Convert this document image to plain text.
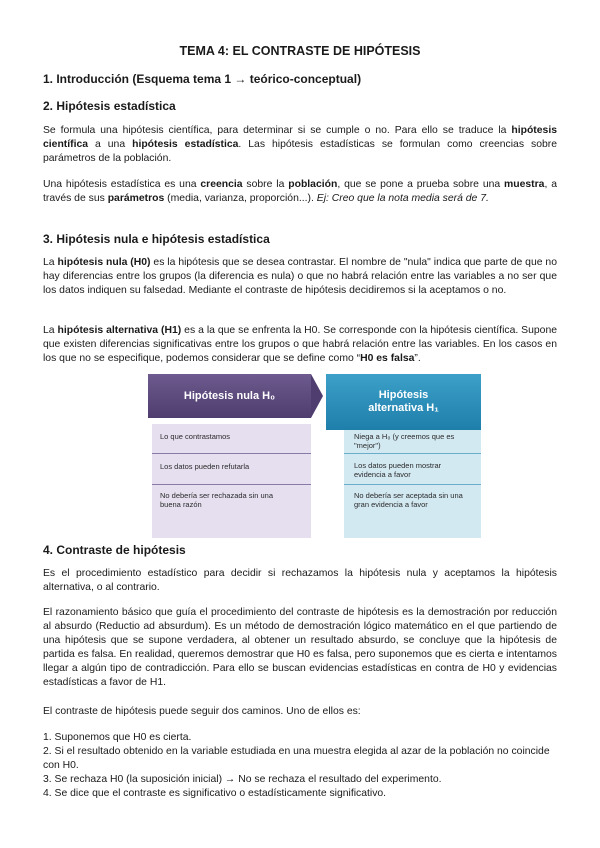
TEMA 4: EL CONTRASTE DE HIPÓTESIS
1. Introducción (Esquema tema 1 → teórico-conceptual)
2. Hipótesis estadística

Se formula una hipótesis científica, para determinar si se cumple o no. Para ello se traduce la hipótesis científica a una hipótesis estadística. Las hipótesis estadísticas se formulan como creencias sobre parámetros de la población.

Una hipótesis estadística es una creencia sobre la población, que se pone a prueba sobre una muestra, a través de sus parámetros (media, varianza, proporción...). Ej: Creo que la nota media será de 7.

3. Hipótesis nula e hipótesis estadística

La hipótesis nula (H0) es la hipótesis que se desea contrastar. El nombre de "nula" indica que parte de que no hay diferencias entre los grupos (la diferencia es nula) o que no habrá relación entre las variables a no ser que los datos indiquen su falsedad. Mediante el contraste de hipótesis decidiremos si la aceptamos o no.

La hipótesis alternativa (H1) es a la que se enfrenta la H0. Se corresponde con la hipótesis científica. Supone que existen diferencias significativas entre los grupos o que habrá relación entre las variables. En los casos en los que no se especifique, podemos considerar que se define como “H0 es falsa”.

Hipótesis nula H₀	Hipótesis
alternativa H₁
Lo que contrastamos
Los datos pueden refutarla
No debería ser rechazada sin una buena razón
Niega a H₀ (y creemos que es "mejor")
Los datos pueden mostrar evidencia a favor
No debería ser aceptada sin una gran evidencia a favor
4. Contraste de hipótesis

Es el procedimiento estadístico para decidir si rechazamos la hipótesis nula y aceptamos la hipótesis alternativa, o al contrario.

El razonamiento básico que guía el procedimiento del contraste de hipótesis es la demostración por reducción al absurdo (Reductio ad absurdum). Es un método de demostración lógico matemático en el que partiendo de una hipótesis que se supone verdadera, al obtener un resultado absurdo, se concluye que la hipótesis de partida es falsa. En realidad, queremos demostrar que H0 es falsa, pero suponemos que es cierta e intentamos llegar a algún tipo de contradicción. Para ello se buscan evidencias estadísticas en contra de H0 y evidencias estadísticas a favor de H1.

El contraste de hipótesis puede seguir dos caminos. Uno de ellos es:

1. Suponemos que H0 es cierta.
2. Si el resultado obtenido en la variable estudiada en una muestra elegida al azar de la población no coincide con H0.
3. Se rechaza H0 (la suposición inicial) → No se rechaza el resultado del experimento.
4. Se dice que el contraste es significativo o estadísticamente significativo.
